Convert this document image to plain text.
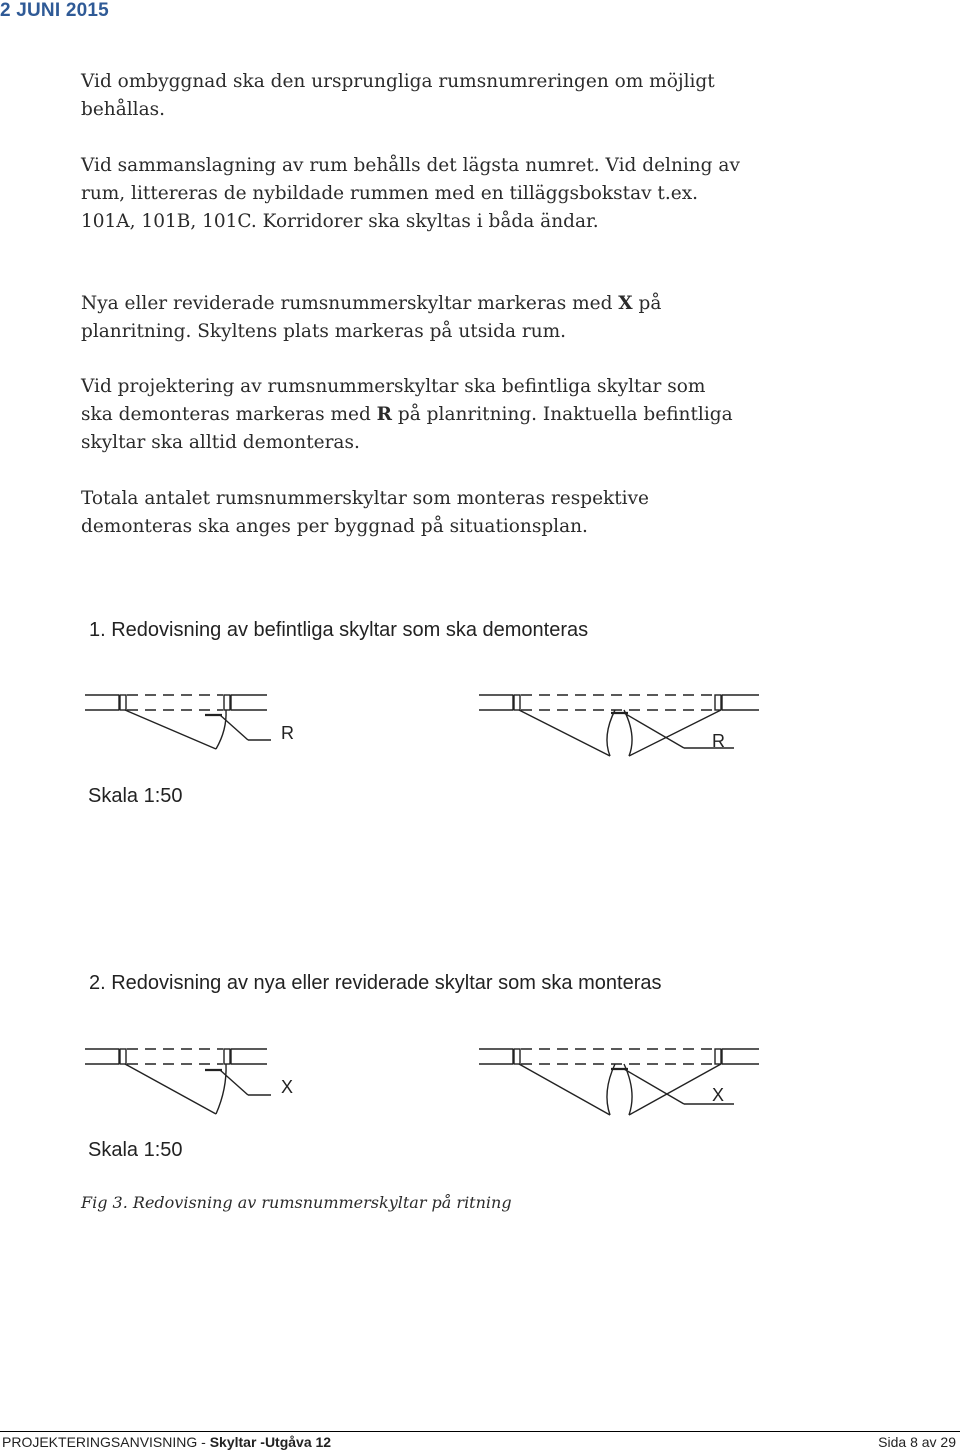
2 JUNI 2015
Vid ombyggnad ska den ursprungliga rumsnumreringen om möjligt behållas.
Vid sammanslagning av rum behålls det lägsta numret. Vid delning av rum, littereras de nybildade rummen med en tilläggsbokstav t.ex. 101A, 101B, 101C. Korridorer ska skyltas i båda ändar.
Nya eller reviderade rumsnummerskyltar markeras med X på planritning. Skyltens plats markeras på utsida rum.
Vid projektering av rumsnummerskyltar ska befintliga skyltar som ska demonteras markeras med R på planritning. Inaktuella befintliga skyltar ska alltid demonteras.
Totala antalet rumsnummerskyltar som monteras respektive demonteras ska anges per byggnad på situationsplan.
1. Redovisning av befintliga skyltar som ska demonteras
R	R
Skala 1:50
2. Redovisning av nya eller reviderade skyltar som ska monteras
X	X
Skala 1:50
Fig 3. Redovisning av rumsnummerskyltar på ritning
PROJEKTERINGSANVISNING - Skyltar -Utgåva 12	Sida 8 av 29
